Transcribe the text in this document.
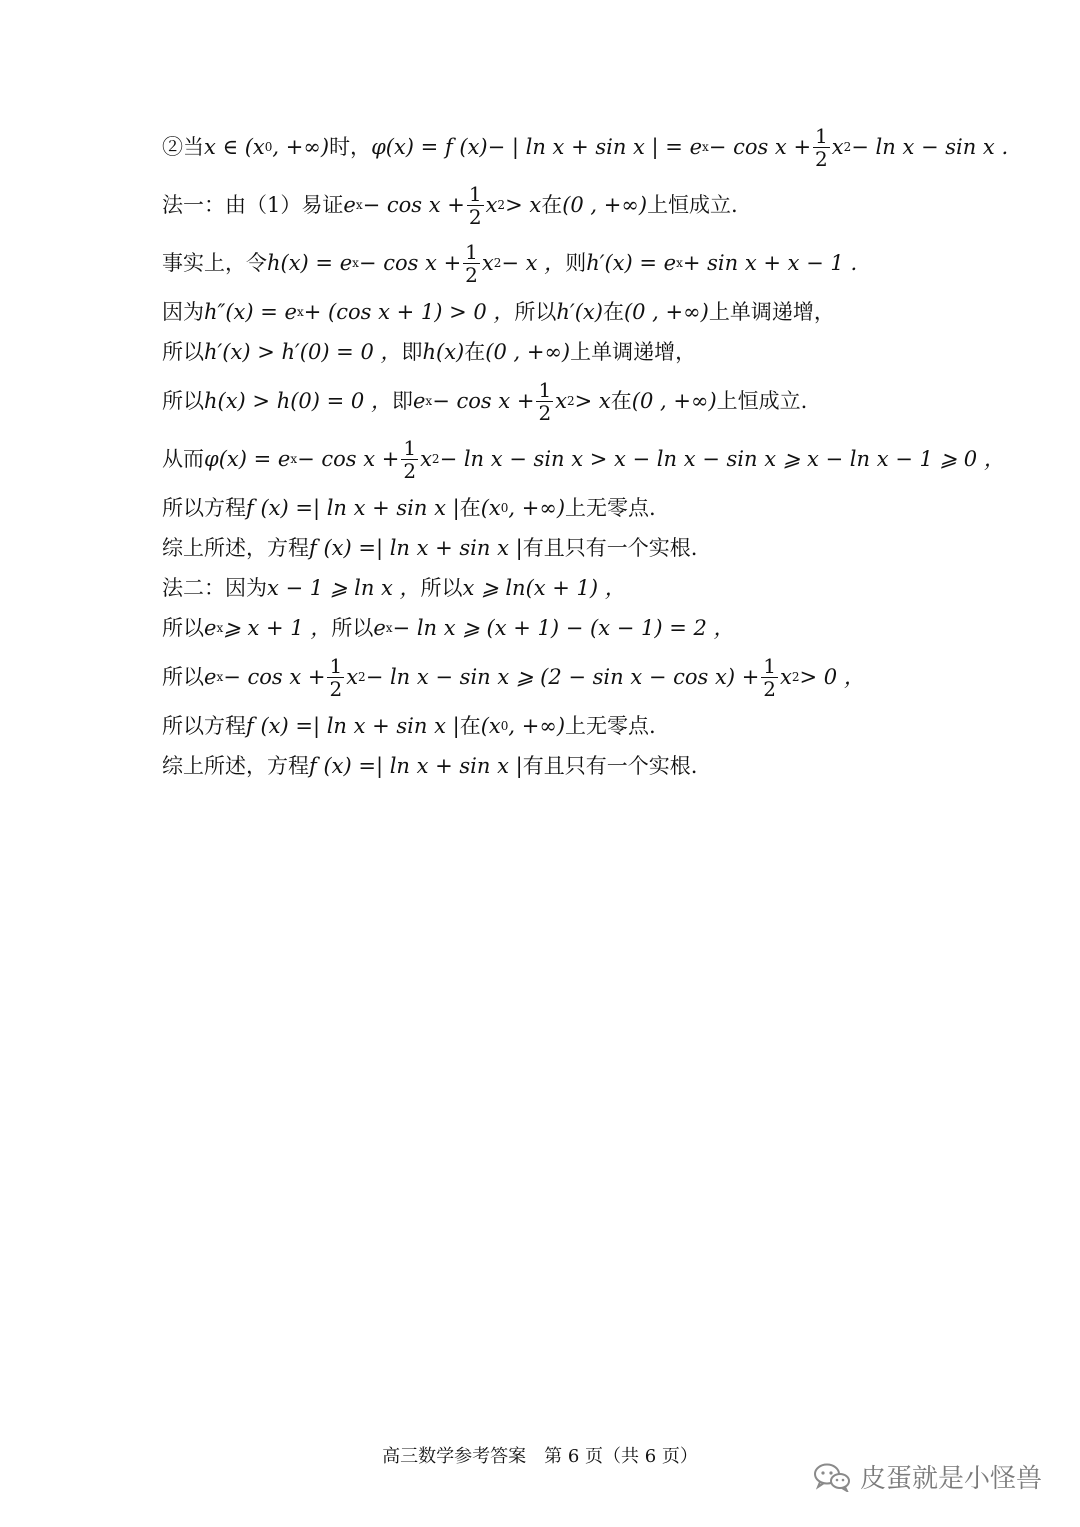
②当 x ∈ (x 0 , +∞) 时， φ(x) = f (x)− | ln x + sin x | = e $x - \cos x + \frac{1}{2}$ x 2 − ln x − sin x .
法一：由（1）易证 e $x - \cos x + \frac{1}{2}$ x 2 > x 在 (0 , +∞) 上恒成立.
事实上，令 h(x) = e $x - \cos x + \frac{1}{2}$ x 2 − x ， 则 h′(x) = e x + sin x + x − 1 .
因为 h″(x) = e x + (cos x + 1) > 0 ， 所以 h′(x) 在 (0 , +∞) 上单调递增，
所以 h′(x) > h′(0) = 0 ， 即 h(x) 在 (0 , +∞) 上单调递增，
所以 h(x) > h(0) = 0 ， 即 e $x - \cos x + \frac{1}{2}$ x 2 > x 在 (0 , +∞) 上恒成立.
从而 φ(x) = e $x - \cos x + \frac{1}{2}$ x 2 − ln x − sin x > x − ln x − sin x ⩾ x − ln x − 1 ⩾ 0 ，
所以方程 f (x) =| ln x + sin x | 在 (x 0 , +∞) 上无零点.
综上所述，方程 f (x) =| ln x + sin x | 有且只有一个实根.
法二：因为 x − 1 ⩾ ln x ， 所以 x ⩾ ln(x + 1) ，
所以 e x ⩾ x + 1 ， 所以 e x − ln x ⩾ (x + 1) − (x − 1) = 2 ，
所以 e $x - \cos x + \frac{1}{2}$ x 2 − ln x − sin x ⩾ $(2 - \sin x - \cos x) + \frac{1}{2}$ x 2 > 0 ，
所以方程 f (x) =| ln x + sin x | 在 (x 0 , +∞) 上无零点.
综上所述，方程 f (x) =| ln x + sin x | 有且只有一个实根.
高三数学参考答案　第 6 页（共 6 页）
皮蛋就是小怪兽
